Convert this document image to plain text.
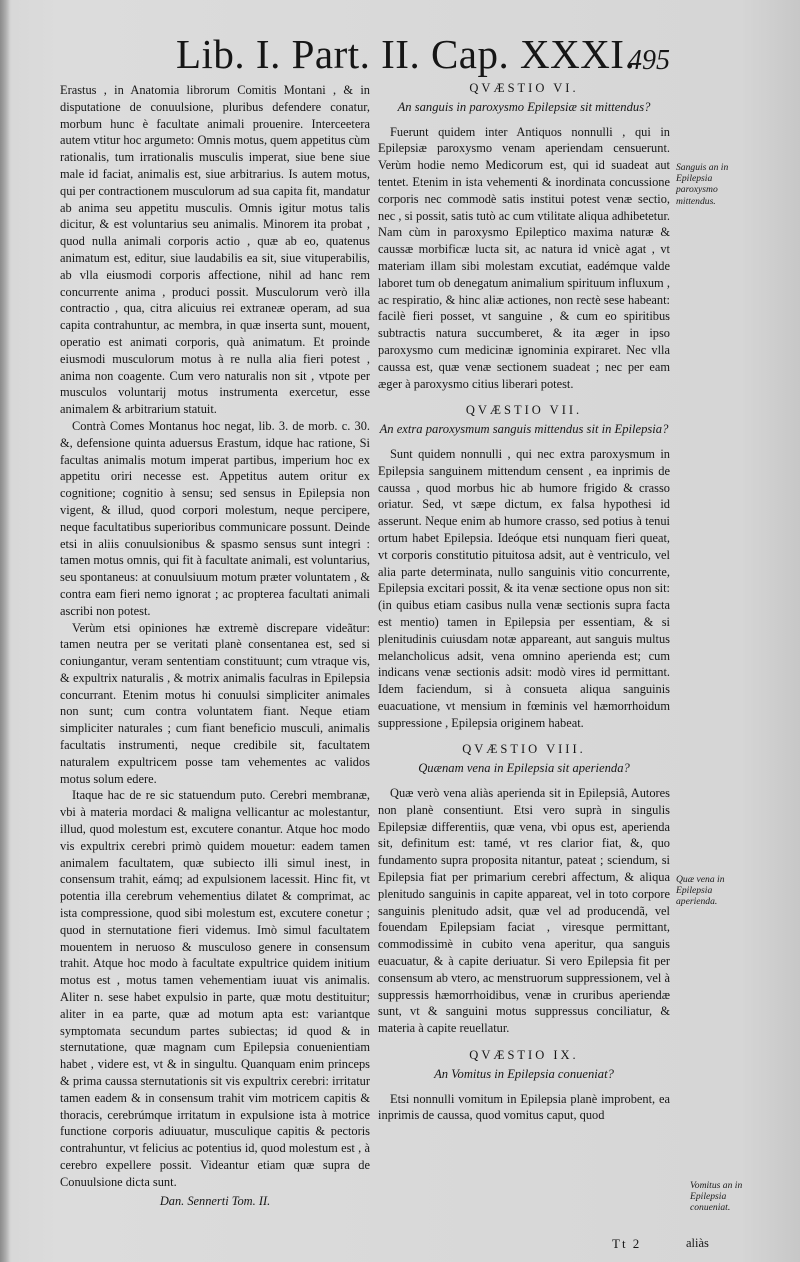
Lib. I. Part. II. Cap. XXXI.
495

Erastus , in Anatomia librorum Comitis Montani , & in disputatione de conuulsione, pluribus defendere conatur, morbum hunc è facultate animali prouenire. Interceetera autem vtitur hoc argumeto: Omnis motus, quem appetitus cùm rationalis, tum irrationalis musculis imperat, siue bene siue male id faciat, animalis est, siue arbitrarius. Is autem motus, qui per contractionem musculorum ad sua capita fit, mandatur ab anima seu appetitu musculis. Omnis igitur motus talis dicitur, & est voluntarius seu animalis. Minorem ita probat , quod nulla animali corporis actio , quæ ab eo, quatenus animatum est, editur, siue laudabilis ea sit, siue vituperabilis, ab vlla eiusmodi corporis affectione, nihil ad hanc rem concurrente anima , produci possit. Musculorum verò illa contractio , qua, citra alicuius rei extraneæ operam, ad sua capita contrahuntur, ac membra, in quæ inserta sunt, mouent, operatio est animati corporis, quà animatum. Et proinde eiusmodi musculorum motus à re nulla alia fieri potest , anima non coagente. Cum vero naturalis non sit , vtpote per musculos voluntarij motus instrumenta exercetur, esse animalem & arbitrarium statuit.

Contrà Comes Montanus hoc negat, lib. 3. de morb. c. 30. &, defensione quinta aduersus Erastum, idque hac ratione, Si facultas animalis motum imperat partibus, imperium hoc ex appetitu oriri necesse est. Appetitus autem oritur ex cognitione; cognitio à sensu; sed sensus in Epilepsia non vigent, & illud, quod corpori molestum, neque percipere, neque facultatibus superioribus communicare possunt. Deinde etsi in aliis conuulsionibus & spasmo sensus sunt integri : tamen motus omnis, qui fit à facultate animali, est voluntarius, seu spontaneus: at conuulsiuum motum præter voluntatem , & contra eam fieri nemo ignorat ; ac propterea facultati animali ascribi non potest.

Verùm etsi opiniones hæ extremè discrepare videãtur: tamen neutra per se veritati planè consentanea est, sed si coniungantur, veram sententiam constituunt; cum vtraque vis, & expultrix naturalis , & motrix animalis faculras in Epilepsia concurrant. Etenim motus hi conuulsi simpliciter animales non sunt; cum contra voluntatem fiant. Neque etiam simpliciter naturales ; cum fiant beneficio musculi, animalis facultatis instrumenti, neque credibile sit, facultatem naturalem expultricem posse tam vehementes ac validos motus solum edere.

Itaque hac de re sic statuendum puto. Cerebri membranæ, vbi à materia mordaci & maligna vellicantur ac molestantur, illud, quod molestum est, excutere conantur. Atque hoc modo vis expultrix cerebri primò quidem mouetur: eadem tamen animalem facultatem, quæ subiecto illi simul inest, in consensum trahit, eámq; ad expulsionem lacessit. Hinc fit, vt potentia illa cerebrum vehementius dilatet & comprimat, ac ista compressione, quod sibi molestum est, excutere conetur ; quod in sternutatione fieri videmus. Imò simul facultatem mouentem in neruoso & musculoso genere in consensum trahit. Atque hoc modo à facultate expultrice quidem initium motus est , motus tamen vehementiam iuuat vis animalis. Aliter n. sese habet expulsio in parte, quæ motu destituitur; aliter in ea parte, quæ ad motum apta est: variantque symptomata secundum partes subiectas; id quod & in sternutatione, quæ magnam cum Epilepsia conuenientiam habet , videre est, vt & in singultu. Quanquam enim princeps & prima caussa sternutationis sit vis expultrix cerebri: irritatur tamen eadem & in consensum trahit vim motricem capitis & thoracis, cerebrúmque irritatum in expulsione ista à motrice functione corporis adiuuatur, musculique capitis & pectoris contrahuntur, vt felicius ac potentius id, quod molestum est , à cerebro expellere possit. Videantur etiam quæ supra de Conuulsione dicta sunt.

Dan. Sennerti Tom. II.
QVÆSTIO VI.
An sanguis in paroxysmo Epilepsiæ sit mittendus?

Fuerunt quidem inter Antiquos nonnulli , qui in Epilepsiæ paroxysmo venam aperiendam censuerunt. Verùm hodie nemo Medicorum est, qui id suadeat aut tentet. Etenim in ista vehementi & inordinata concussione corporis nec commodè satis institui potest venæ sectio, nec , si possit, satis tutò ac cum vtilitate aliqua adhibetetur. Nam cùm in paroxysmo Epileptico maxima naturæ & caussæ morbificæ lucta sit, ac natura id vnicè agat , vt materiam illam sibi molestam excutiat, eadémque valde laboret tum ob denegatum animalium spirituum influxum , ac respiratio, & hinc aliæ actiones, non rectè sese habeant: facilè fieri posset, vt sanguine , & cum eo spiritibus subtractis natura succumberet, & ita æger in ipso paroxysmo cum medicinæ ignominia expiraret. Nec vlla caussa est, quæ venæ sectionem suadeat ; nec per eam æger à paroxysmo citius liberari potest.

QVÆSTIO VII.
An extra paroxysmum sanguis mittendus sit in Epilepsia?

Sunt quidem nonnulli , qui nec extra paroxysmum in Epilepsia sanguinem mittendum censent , ea inprimis de caussa , quod morbus hic ab humore frigido & crasso oriatur. Sed, vt sæpe dictum, ex falsa hypothesi id asserunt. Neque enim ab humore crasso, sed potius à tenui ortum habet Epilepsia. Ideóque etsi nunquam fieri queat, vt corporis constitutio pituitosa adsit, aut è ventriculo, vel alia parte determinata, nullo sanguinis vitio concurrente, Epilepsia excitari possit, & ita venæ sectione opus non sit: (in quibus etiam casibus nulla venæ sectionis supra facta est mentio) tamen in Epilepsia per essentiam, & si plenitudinis cuiusdam notæ appareant, aut sanguis multus melancholicus adsit, vena omnino aperienda est; cum indicans venæ sectionis adsit: modò vires id permittant. Idem faciendum, si à consueta aliqua sanguinis euacuatione, vt mensium in fœminis vel hæmorrhoidum suppressione , Epilepsia originem habeat.

QVÆSTIO VIII.
Quænam vena in Epilepsia sit aperienda?

Quæ verò vena aliàs aperienda sit in Epilepsiâ, Autores non planè consentiunt. Etsi vero suprà in singulis Epilepsiæ differentiis, quæ vena, vbi opus est, aperienda sit, definitum est: tamé, vt res clarior fiat, &, quo fundamento supra proposita nitantur, pateat ; sciendum, si Epilepsia fiat per primarium cerebri affectum, & aliqua plenitudo sanguinis in capite appareat, vel in toto corpore sanguinis plenitudo adsit, quæ vel ad producendã, vel fouendam Epilepsiam faciat , viresque permittant, commodissimè in cubito vena aperitur, qua sanguis euacuatur, & à capite deriuatur. Si vero Epilepsia fit per consensum ab vtero, ac menstruorum suppressionem, vel à suppressis hæmorrhoidibus, venæ in cruribus aperiendæ sunt, vt & sanguini motus suppressus conciliatur, & materia à capite reuellatur.

QVÆSTIO IX.
An Vomitus in Epilepsia conueniat?

Etsi nonnulli vomitum in Epilepsia planè improbent, ea inprimis de caussa, quod vomitus caput, quod

Sanguis an in Epilepsia paroxysmo mittendus.
Quæ vena in Epilepsia aperienda.
Vomitus an in Epilepsia conueniat.
Tt 2	aliàs
